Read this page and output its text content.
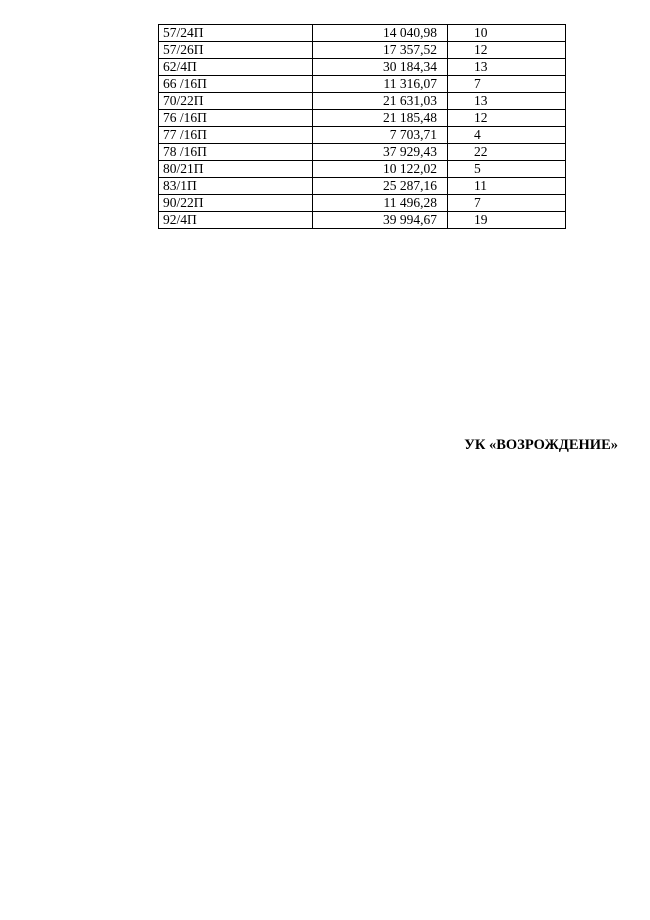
57/24П	14 040,98	10
57/26П	17 357,52	12
62/4П	30 184,34	13
66 /16П	11 316,07	7
70/22П	21 631,03	13
76 /16П	21 185,48	12
77 /16П	7 703,71	4
78 /16П	37 929,43	22
80/21П	10 122,02	5
83/1П	25 287,16	11
90/22П	11 496,28	7
92/4П	39 994,67	19
УК «ВОЗРОЖДЕНИЕ»
